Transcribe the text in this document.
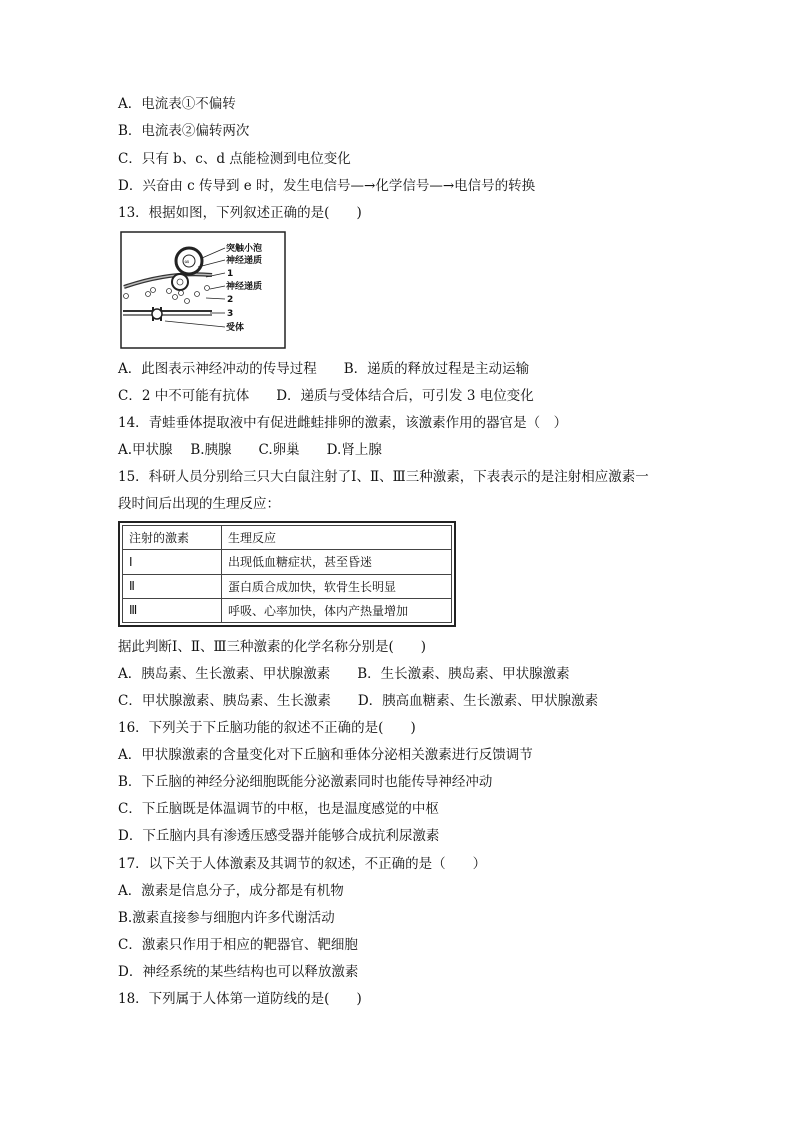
A．电流表①不偏转
B．电流表②偏转两次
C．只有 b、c、d 点能检测到电位变化
D．兴奋由 c 传导到 e 时，发生电信号—→化学信号—→电信号的转换
13．根据如图，下列叙述正确的是(　　)
∞
突触小泡
神经递质
1
神经递质
2
3
受体
A．此图表示神经冲动的传导过程　　B．递质的释放过程是主动运输
C．2 中不可能有抗体　　D．递质与受体结合后，可引发 3 电位变化
14．青蛙垂体提取液中有促进雌蛙排卵的激素，该激素作用的器官是（　）
A.甲状腺　 B.胰腺　　C.卵巢　　D.肾上腺
15．科研人员分别给三只大白鼠注射了Ⅰ、Ⅱ、Ⅲ三种激素，下表表示的是注射相应激素一
段时间后出现的生理反应：
注射的激素	生理反应
Ⅰ	出现低血糖症状，甚至昏迷
Ⅱ	蛋白质合成加快，软骨生长明显
Ⅲ	呼吸、心率加快，体内产热量增加
据此判断Ⅰ、Ⅱ、Ⅲ三种激素的化学名称分别是(　　)
A．胰岛素、生长激素、甲状腺激素　　B．生长激素、胰岛素、甲状腺激素
C．甲状腺激素、胰岛素、生长激素　　D．胰高血糖素、生长激素、甲状腺激素
16．下列关于下丘脑功能的叙述不正确的是(　　)
A．甲状腺激素的含量变化对下丘脑和垂体分泌相关激素进行反馈调节
B．下丘脑的神经分泌细胞既能分泌激素同时也能传导神经冲动
C．下丘脑既是体温调节的中枢，也是温度感觉的中枢
D．下丘脑内具有渗透压感受器并能够合成抗利尿激素
17．以下关于人体激素及其调节的叙述，不正确的是（　　）
A．激素是信息分子，成分都是有机物
B.激素直接参与细胞内许多代谢活动
C．激素只作用于相应的靶器官、靶细胞
D．神经系统的某些结构也可以释放激素
18．下列属于人体第一道防线的是(　　)
